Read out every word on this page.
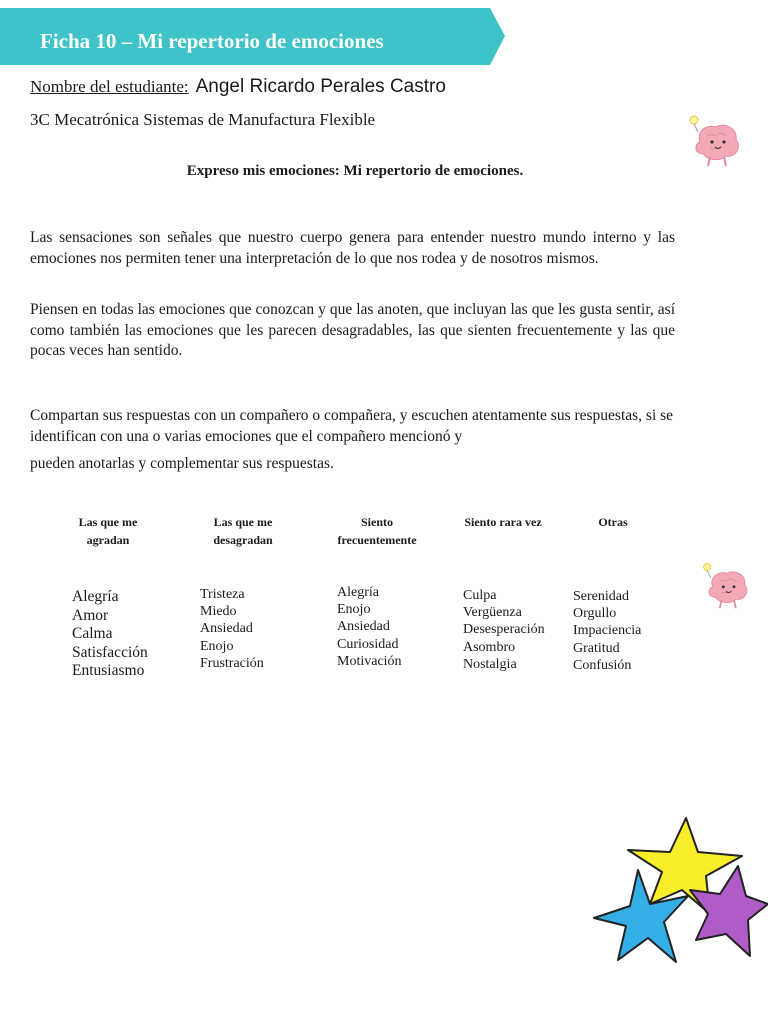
Ficha 10 – Mi repertorio de emociones
Nombre del estudiante: Angel Ricardo Perales Castro
3C Mecatrónica Sistemas de Manufactura Flexible
Expreso mis emociones: Mi repertorio de emociones.

Las sensaciones son señales que nuestro cuerpo genera para entender nuestro mundo interno y las emociones nos permiten tener una interpretación de lo que nos rodea y de nosotros mismos.

Piensen en todas las emociones que conozcan y que las anoten, que incluyan las que les gusta sentir, así como también las emociones que les parecen desagradables, las que sienten frecuentemente y las que pocas veces han sentido.

Compartan sus respuestas con un compañero o compañera, y escuchen atentamente sus respuestas, si se identifican con una o varias emociones que el compañero mencionó y
pueden anotarlas y complementar sus respuestas.

Las que me agradan
Las que me desagradan
Siento frecuentemente
Siento rara vez	Otras
Alegría
Amor
Calma
Satisfacción
Entusiasmo
Tristeza
Miedo
Ansiedad
Enojo
Frustración
Alegría
Enojo
Ansiedad
Curiosidad
Motivación
Culpa
Vergüenza
Desesperación
Asombro
Nostalgia
Serenidad
Orgullo
Impaciencia
Gratitud
Confusión
